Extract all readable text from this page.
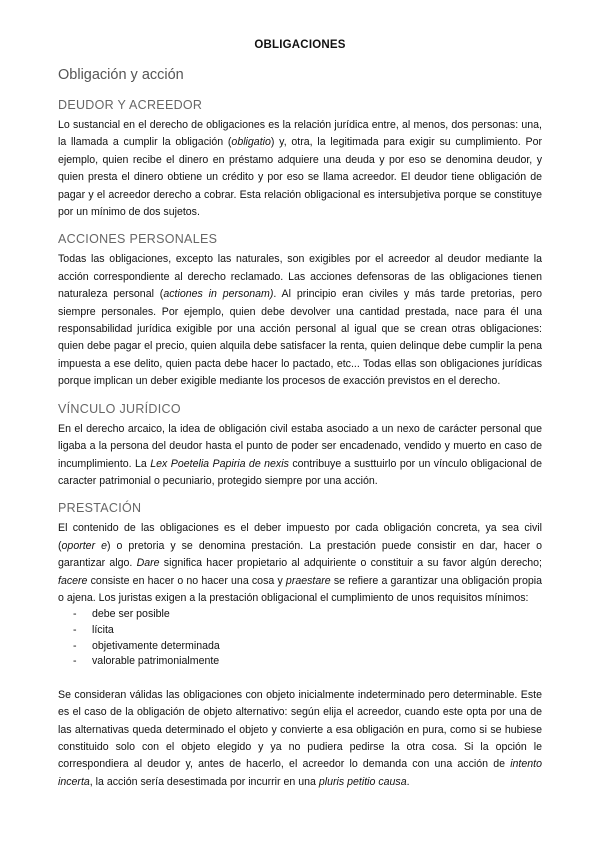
OBLIGACIONES
Obligación y acción
DEUDOR Y ACREEDOR

Lo sustancial en el derecho de obligaciones es la relación jurídica entre, al menos, dos personas: una, la llamada a cumplir la obligación (obligatio) y, otra, la legitimada para exigir su cumplimiento. Por ejemplo, quien recibe el dinero en préstamo adquiere una deuda y por eso se denomina deudor, y quien presta el dinero obtiene un crédito y por eso se llama acreedor. El deudor tiene obligación de pagar y el acreedor derecho a cobrar. Esta relación obligacional es intersubjetiva porque se constituye por un mínimo de dos sujetos.

ACCIONES PERSONALES

Todas las obligaciones, excepto las naturales, son exigibles por el acreedor al deudor mediante la acción correspondiente al derecho reclamado. Las acciones defensoras de las obligaciones tienen naturaleza personal (actiones in personam). Al principio eran civiles y más tarde pretorias, pero siempre personales. Por ejemplo, quien debe devolver una cantidad prestada, nace para él una responsabilidad jurídica exigible por una acción personal al igual que se crean otras obligaciones: quien debe pagar el precio, quien alquila debe satisfacer la renta, quien delinque debe cumplir la pena impuesta a ese delito, quien pacta debe hacer lo pactado, etc... Todas ellas son obligaciones jurídicas porque implican un deber exigible mediante los procesos de exacción previstos en el derecho.

VÍNCULO JURÍDICO

En el derecho arcaico, la idea de obligación civil estaba asociado a un nexo de carácter personal que ligaba a la persona del deudor hasta el punto de poder ser encadenado, vendido y muerto en caso de incumplimiento. La Lex Poetelia Papiria de nexis contribuye a susttuirlo por un vínculo obligacional de caracter patrimonial o pecuniario, protegido siempre por una acción.

PRESTACIÓN

El contenido de las obligaciones es el deber impuesto por cada obligación concreta, ya sea civil (oporter e) o pretoria y se denomina prestación. La prestación puede consistir en dar, hacer o garantizar algo. Dare significa hacer propietario al adquiriente o constituir a su favor algún derecho; facere consiste en hacer o no hacer una cosa y praestare se refiere a garantizar una obligación propia o ajena. Los juristas exigen a la prestación obligacional el cumplimiento de unos requisitos mínimos:

- debe ser posible
- lícita
- objetivamente determinada
- valorable patrimonialmente

Se consideran válidas las obligaciones con objeto inicialmente indeterminado pero determinable. Este es el caso de la obligación de objeto alternativo: según elija el acreedor, cuando este opta por una de las alternativas queda determinado el objeto y convierte a esa obligación en pura, como si se hubiese constituido solo con el objeto elegido y ya no pudiera pedirse la otra cosa. Si la opción le correspondiera al deudor y, antes de hacerlo, el acreedor lo demanda con una acción de intento incerta, la acción sería desestimada por incurrir en una pluris petitio causa.
